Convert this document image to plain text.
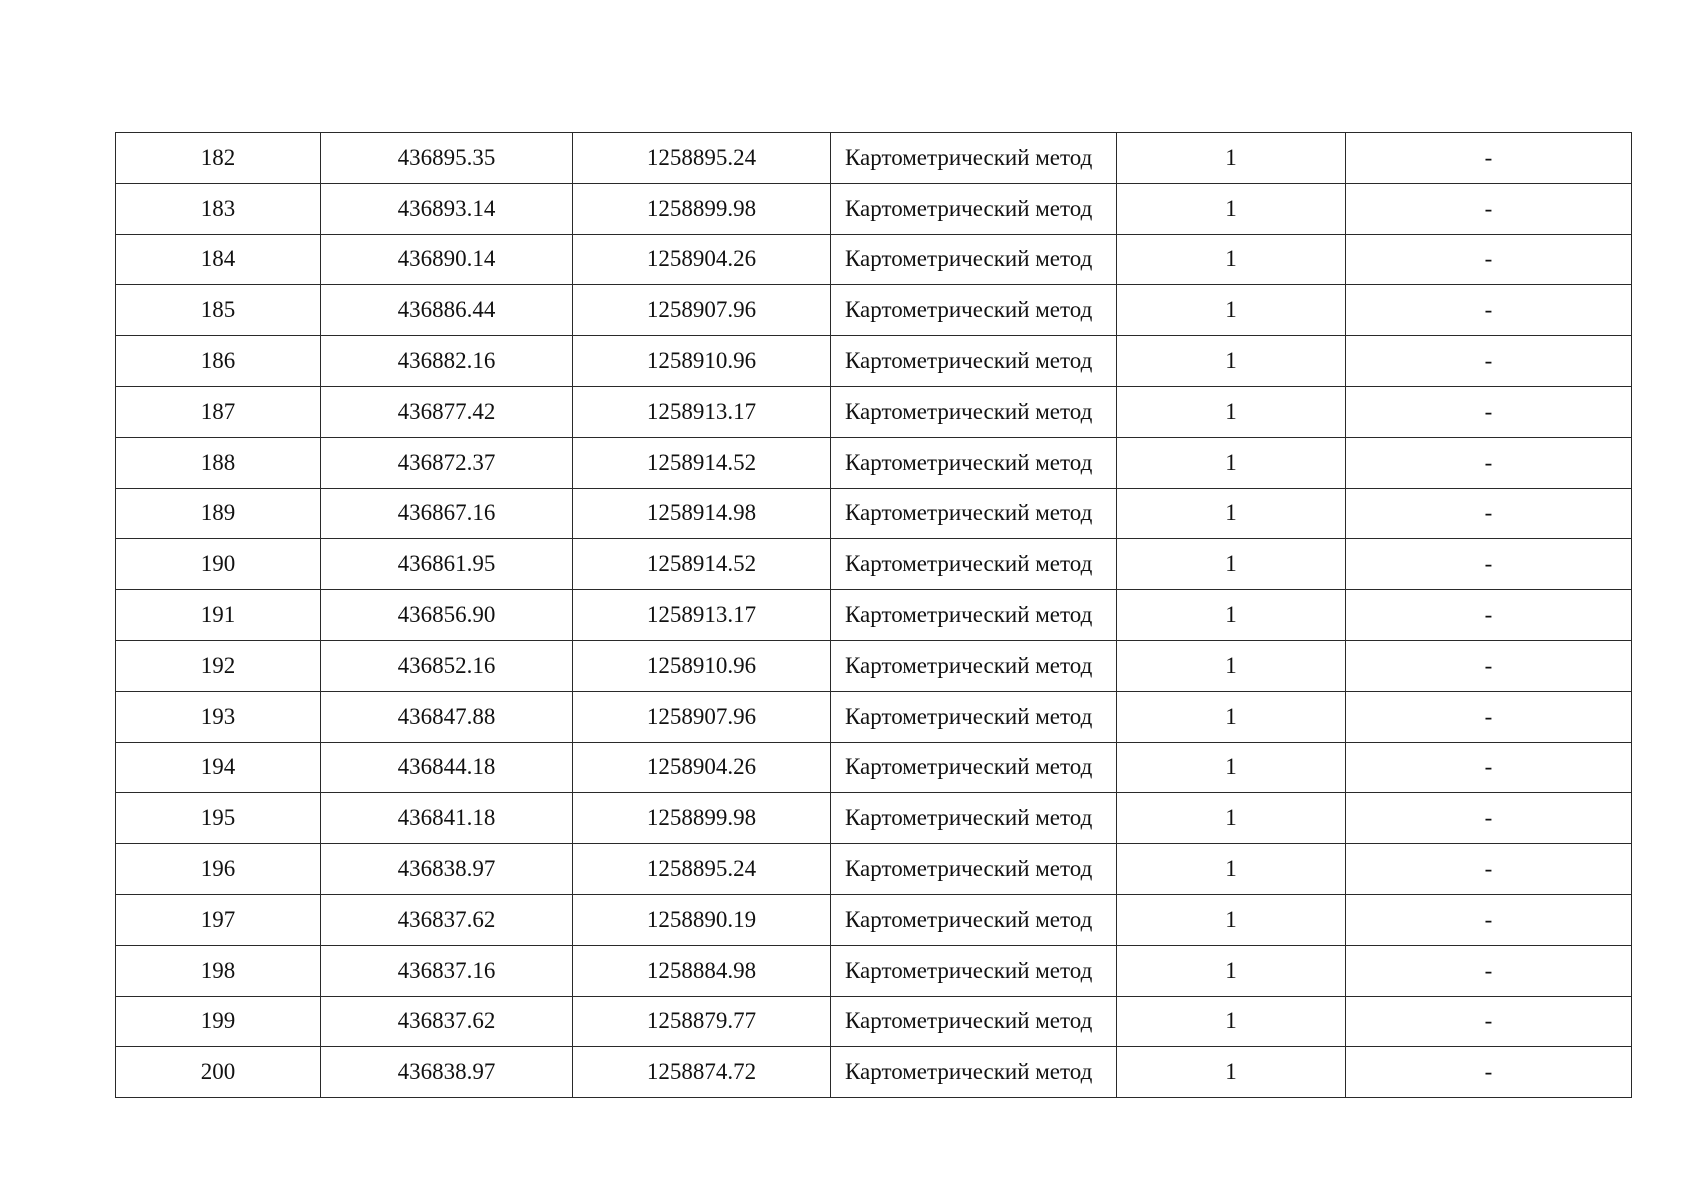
182	436895.35	1258895.24	Картометрический метод	1	-
183	436893.14	1258899.98	Картометрический метод	1	-
184	436890.14	1258904.26	Картометрический метод	1	-
185	436886.44	1258907.96	Картометрический метод	1	-
186	436882.16	1258910.96	Картометрический метод	1	-
187	436877.42	1258913.17	Картометрический метод	1	-
188	436872.37	1258914.52	Картометрический метод	1	-
189	436867.16	1258914.98	Картометрический метод	1	-
190	436861.95	1258914.52	Картометрический метод	1	-
191	436856.90	1258913.17	Картометрический метод	1	-
192	436852.16	1258910.96	Картометрический метод	1	-
193	436847.88	1258907.96	Картометрический метод	1	-
194	436844.18	1258904.26	Картометрический метод	1	-
195	436841.18	1258899.98	Картометрический метод	1	-
196	436838.97	1258895.24	Картометрический метод	1	-
197	436837.62	1258890.19	Картометрический метод	1	-
198	436837.16	1258884.98	Картометрический метод	1	-
199	436837.62	1258879.77	Картометрический метод	1	-
200	436838.97	1258874.72	Картометрический метод	1	-
